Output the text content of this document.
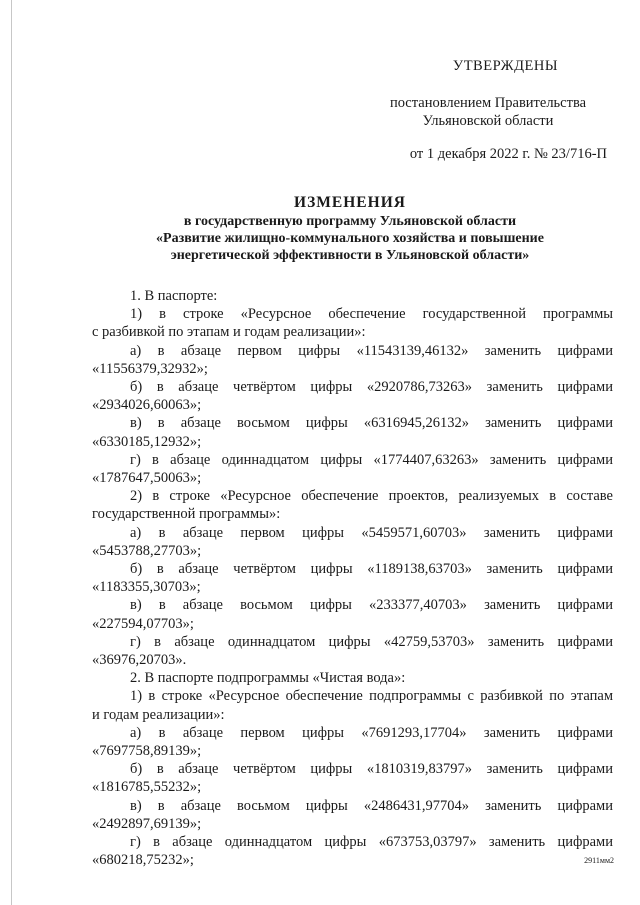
УТВЕРЖДЕНЫ
постановлением Правительства
Ульяновской области
от 1 декабря 2022 г. № 23/716-П
ИЗМЕНЕНИЯ
в государственную программу Ульяновской области
«Развитие жилищно-коммунального хозяйства и повышение
энергетической эффективности в Ульяновской области»
1. В паспорте:
1) в строке «Ресурсное обеспечение государственной программы
с разбивкой по этапам и годам реализации»:
а) в абзаце первом цифры «11543139,46132» заменить цифрами
«11556379,32932»;
б) в абзаце четвёртом цифры «2920786,73263» заменить цифрами
«2934026,60063»;
в) в абзаце восьмом цифры «6316945,26132» заменить цифрами
«6330185,12932»;
г) в абзаце одиннадцатом цифры «1774407,63263» заменить цифрами
«1787647,50063»;
2) в строке «Ресурсное обеспечение проектов, реализуемых в составе
государственной программы»:
а) в абзаце первом цифры «5459571,60703» заменить цифрами
«5453788,27703»;
б) в абзаце четвёртом цифры «1189138,63703» заменить цифрами
«1183355,30703»;
в) в абзаце восьмом цифры «233377,40703» заменить цифрами
«227594,07703»;
г) в абзаце одиннадцатом цифры «42759,53703» заменить цифрами
«36976,20703».
2. В паспорте подпрограммы «Чистая вода»:
1) в строке «Ресурсное обеспечение подпрограммы с разбивкой по этапам
и годам реализации»:
а) в абзаце первом цифры «7691293,17704» заменить цифрами
«7697758,89139»;
б) в абзаце четвёртом цифры «1810319,83797» заменить цифрами
«1816785,55232»;
в) в абзаце восьмом цифры «2486431,97704» заменить цифрами
«2492897,69139»;
г) в абзаце одиннадцатом цифры «673753,03797» заменить цифрами
«680218,75232»;	2911мм2
